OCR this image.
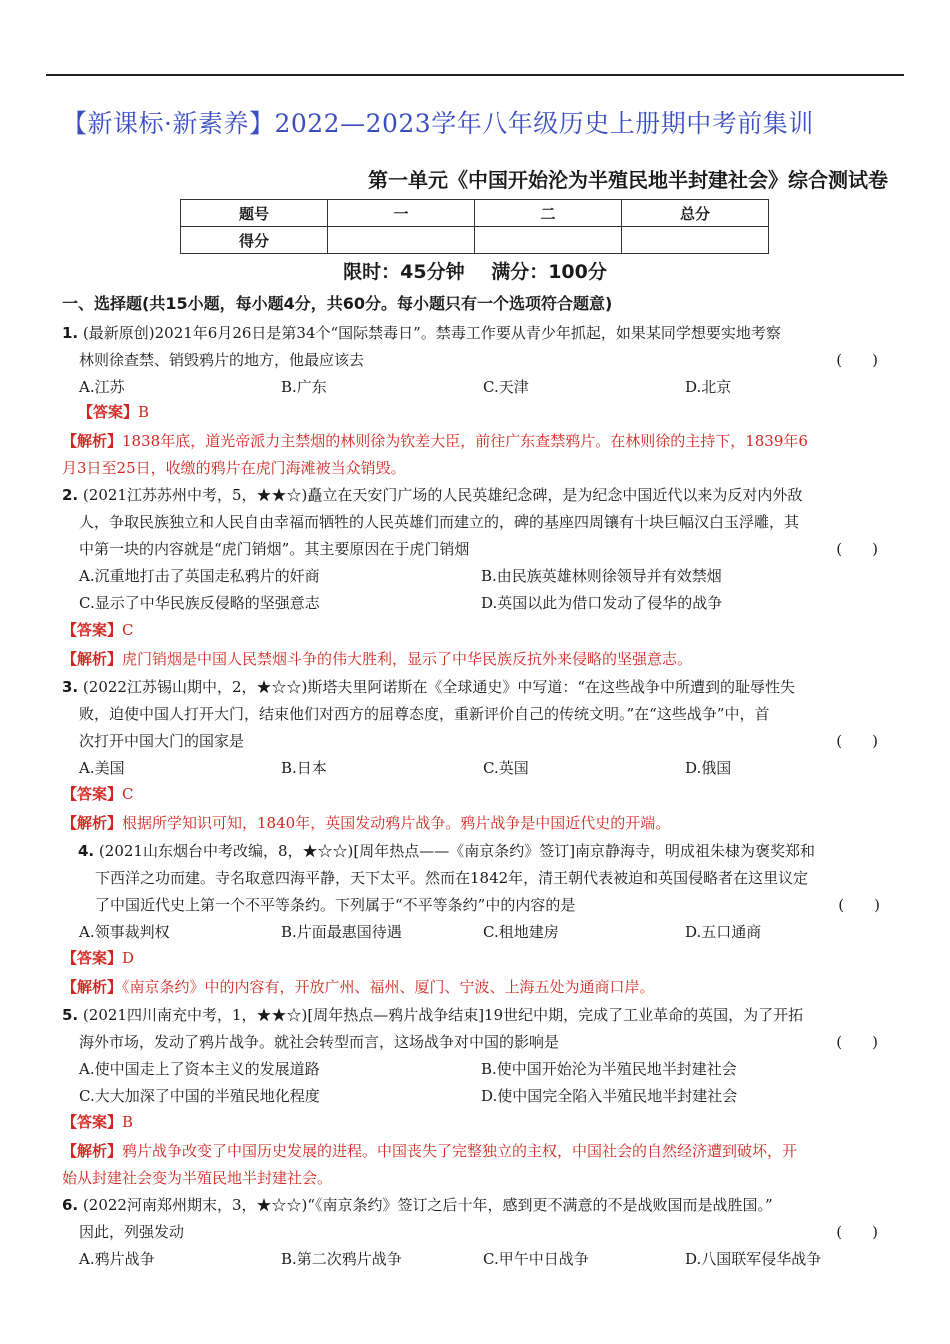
【新课标·新素养】2022—2023学年八年级历史上册期中考前集训
第一单元《中国开始沦为半殖民地半封建社会》综合测试卷
题号	一	二	总分
得分			
限时：45分钟 满分：100分
一、选择题(共15小题，每小题4分，共60分。每小题只有一个选项符合题意)
1. (最新原创)2021年6月26日是第34个“国际禁毒日”。禁毒工作要从青少年抓起，如果某同学想要实地考察
林则徐查禁、销毁鸦片的地方，他最应该去	(　　)
A.江苏	B.广东	C.天津	D.北京
【答案】B
【解析】1838年底，道光帝派力主禁烟的林则徐为钦差大臣，前往广东查禁鸦片。在林则徐的主持下，1839年6
月3日至25日，收缴的鸦片在虎门海滩被当众销毁。
2. (2021江苏苏州中考，5，★★☆)矗立在天安门广场的人民英雄纪念碑，是为纪念中国近代以来为反对内外敌
人，争取民族独立和人民自由幸福而牺牲的人民英雄们而建立的，碑的基座四周镶有十块巨幅汉白玉浮雕，其
中第一块的内容就是“虎门销烟”。其主要原因在于虎门销烟	(　　)
A.沉重地打击了英国走私鸦片的奸商	B.由民族英雄林则徐领导并有效禁烟
C.显示了中华民族反侵略的坚强意志	D.英国以此为借口发动了侵华的战争
【答案】C
【解析】虎门销烟是中国人民禁烟斗争的伟大胜利，显示了中华民族反抗外来侵略的坚强意志。
3. (2022江苏锡山期中，2，★☆☆)斯塔夫里阿诺斯在《全球通史》中写道：“在这些战争中所遭到的耻辱性失
败，迫使中国人打开大门，结束他们对西方的屈尊态度，重新评价自己的传统文明。”在“这些战争”中，首
次打开中国大门的国家是	(　　)
A.美国	B.日本	C.英国	D.俄国
【答案】C
【解析】根据所学知识可知，1840年，英国发动鸦片战争。鸦片战争是中国近代史的开端。
4. (2021山东烟台中考改编，8，★☆☆)[周年热点——《南京条约》签订]南京静海寺，明成祖朱棣为褒奖郑和
下西洋之功而建。寺名取意四海平静，天下太平。然而在1842年，清王朝代表被迫和英国侵略者在这里议定
了中国近代史上第一个不平等条约。下列属于“不平等条约”中的内容的是	(　　)
A.领事裁判权	B.片面最惠国待遇	C.租地建房	D.五口通商
【答案】D
【解析】《南京条约》中的内容有，开放广州、福州、厦门、宁波、上海五处为通商口岸。
5. (2021四川南充中考，1，★★☆)[周年热点—鸦片战争结束]19世纪中期，完成了工业革命的英国，为了开拓
海外市场，发动了鸦片战争。就社会转型而言，这场战争对中国的影响是	(　　)
A.使中国走上了资本主义的发展道路	B.使中国开始沦为半殖民地半封建社会
C.大大加深了中国的半殖民地化程度	D.使中国完全陷入半殖民地半封建社会
【答案】B
【解析】鸦片战争改变了中国历史发展的进程。中国丧失了完整独立的主权，中国社会的自然经济遭到破坏，开
始从封建社会变为半殖民地半封建社会。
6. (2022河南郑州期末，3，★☆☆)“《南京条约》签订之后十年，感到更不满意的不是战败国而是战胜国。”
因此，列强发动	(　　)
A.鸦片战争	B.第二次鸦片战争	C.甲午中日战争	D.八国联军侵华战争
